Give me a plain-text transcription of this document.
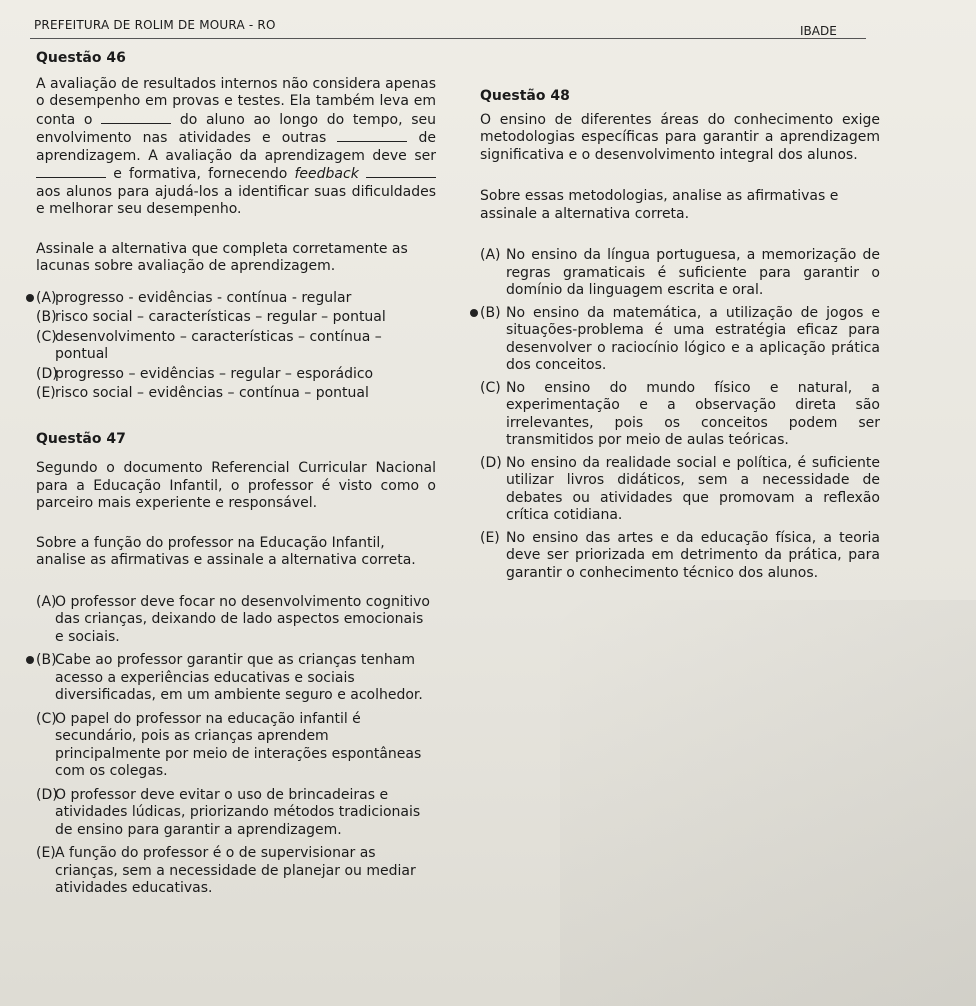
PREFEITURA DE ROLIM DE MOURA - RO	IBADE
Questão 46

A avaliação de resultados internos não considera apenas o desempenho em provas e testes. Ela também leva em conta o	do aluno ao longo do tempo, seu envolvimento nas atividades e outras	de aprendizagem. A avaliação da aprendizagem deve ser  e formativa, fornecendo feedback  aos alunos para ajudá-los a identificar suas dificuldades e melhorar seu desempenho.

Assinale a alternativa que completa corretamente as lacunas sobre avaliação de aprendizagem.

(A)
progresso - evidências - contínua - regular
(B)
risco social – características – regular – pontual
(C)
desenvolvimento – características – contínua – pontual
(D)
progresso – evidências – regular – esporádico
(E) risco social – evidências – contínua – pontual
Questão 47

Segundo o documento Referencial Curricular Nacional para a Educação Infantil, o professor é visto como o parceiro mais experiente e responsável.

Sobre a função do professor na Educação Infantil, analise as afirmativas e assinale a alternativa correta.

(A)
O professor deve focar no desenvolvimento cognitivo das crianças, deixando de lado aspectos emocionais e sociais.
(B)
Cabe ao professor garantir que as crianças tenham acesso a experiências educativas e sociais diversificadas, em um ambiente seguro e acolhedor.
(C)
O papel do professor na educação infantil é secundário, pois as crianças aprendem principalmente por meio de interações espontâneas com os colegas.
(D)
O professor deve evitar o uso de brincadeiras e atividades lúdicas, priorizando métodos tradicionais de ensino para garantir a aprendizagem.
(E) A função do professor é o de supervisionar as crianças, sem a necessidade de planejar ou mediar atividades educativas.
Questão 48

O ensino de diferentes áreas do conhecimento exige metodologias específicas para garantir a aprendizagem significativa e o desenvolvimento integral dos alunos.

Sobre essas metodologias, analise as afirmativas e assinale a alternativa correta.

(A) No ensino da língua portuguesa, a memorização de regras gramaticais é suficiente para garantir o domínio da linguagem escrita e oral.
(B) No ensino da matemática, a utilização de jogos e situações-problema é uma estratégia eficaz para desenvolver o raciocínio lógico e a aplicação prática dos conceitos.
(C) No ensino do mundo físico e natural, a experimentação e a observação direta são irrelevantes, pois os conceitos podem ser transmitidos por meio de aulas teóricas.
(D) No ensino da realidade social e política, é suficiente utilizar livros didáticos, sem a necessidade de debates ou atividades que promovam a reflexão crítica cotidiana.
(E) No ensino das artes e da educação física, a teoria deve ser priorizada em detrimento da prática, para garantir o conhecimento técnico dos alunos.
